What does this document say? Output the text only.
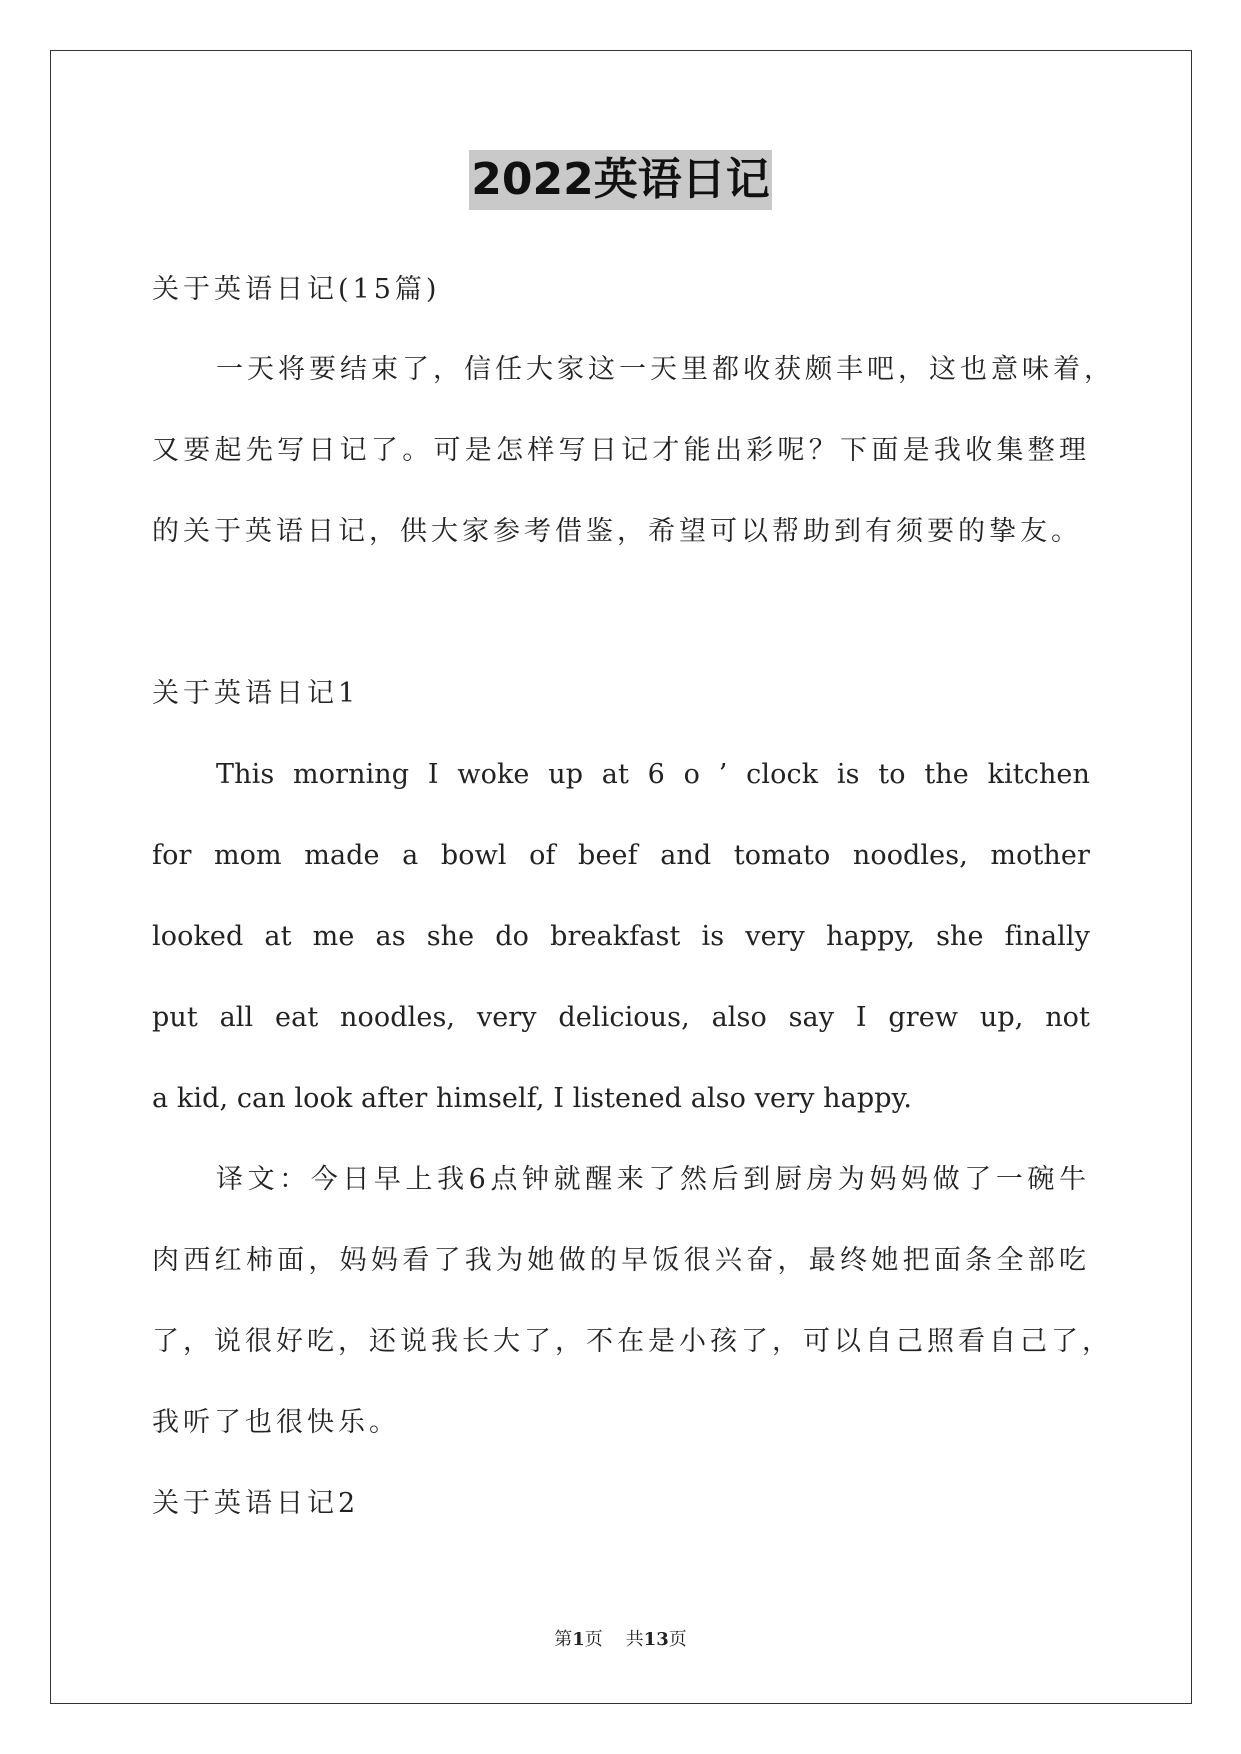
2022英语日记
关于英语日记(15篇)
一天将要结束了，信任大家这一天里都收获颇丰吧，这也意味着，
又要起先写日记了。可是怎样写日记才能出彩呢？下面是我收集整理
的关于英语日记，供大家参考借鉴，希望可以帮助到有须要的挚友。
关于英语日记1
This morning I woke up at 6 o ’ clock is to the kitchen
for mom made a bowl of beef and tomato noodles, mother
looked at me as she do breakfast is very happy, she finally
put all eat noodles, very delicious, also say I grew up, not
a kid, can look after himself, I listened also very happy.
译文：今日早上我6点钟就醒来了然后到厨房为妈妈做了一碗牛
肉西红柿面，妈妈看了我为她做的早饭很兴奋，最终她把面条全部吃
了，说很好吃，还说我长大了，不在是小孩了，可以自己照看自己了，
我听了也很快乐。
关于英语日记2
第1页 共13页
